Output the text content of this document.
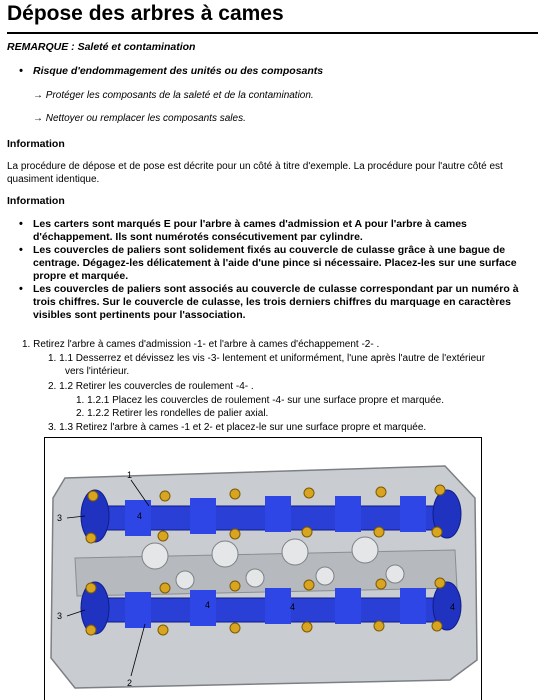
Dépose des arbres à cames
REMARQUE : Saleté et contamination
• Risque d'endommagement des unités ou des composants
→ Protéger les composants de la saleté et de la contamination.
→ Nettoyer ou remplacer les composants sales.
Information
La procédure de dépose et de pose est décrite pour un côté à titre d'exemple. La procédure pour l'autre côté est
quasiment identique.
Information
• Les carters sont marqués E pour l'arbre à cames d'admission et A pour l'arbre à cames
d'échappement. Ils sont numérotés consécutivement par cylindre.
• Les couvercles de paliers sont solidement fixés au couvercle de culasse grâce à une bague de
centrage. Dégagez-les délicatement à l'aide d'une pince si nécessaire. Placez-les sur une surface
propre et marquée.
• Les couvercles de paliers sont associés au couvercle de culasse correspondant par un numéro à
trois chiffres. Sur le couvercle de culasse, les trois derniers chiffres du marquage en caractères
visibles sont pertinents pour l'association.
1. Retirez l'arbre à cames d'admission -1- et l'arbre à cames d'échappement -2- .
1. 1.1 Desserrez et dévissez les vis -3- lentement et uniformément, l'une après l'autre de l'extérieur
vers l'intérieur.
2. 1.2 Retirer les couvercles de roulement -4- .
1. 1.2.1 Placez les couvercles de roulement -4- sur une surface propre et marquée.
2. 1.2.2 Retirer les rondelles de palier axial.
3. 1.3 Retirez l'arbre à cames -1 et 2- et placez-le sur une surface propre et marquée.
1
2
3
3
4
4	4	4
